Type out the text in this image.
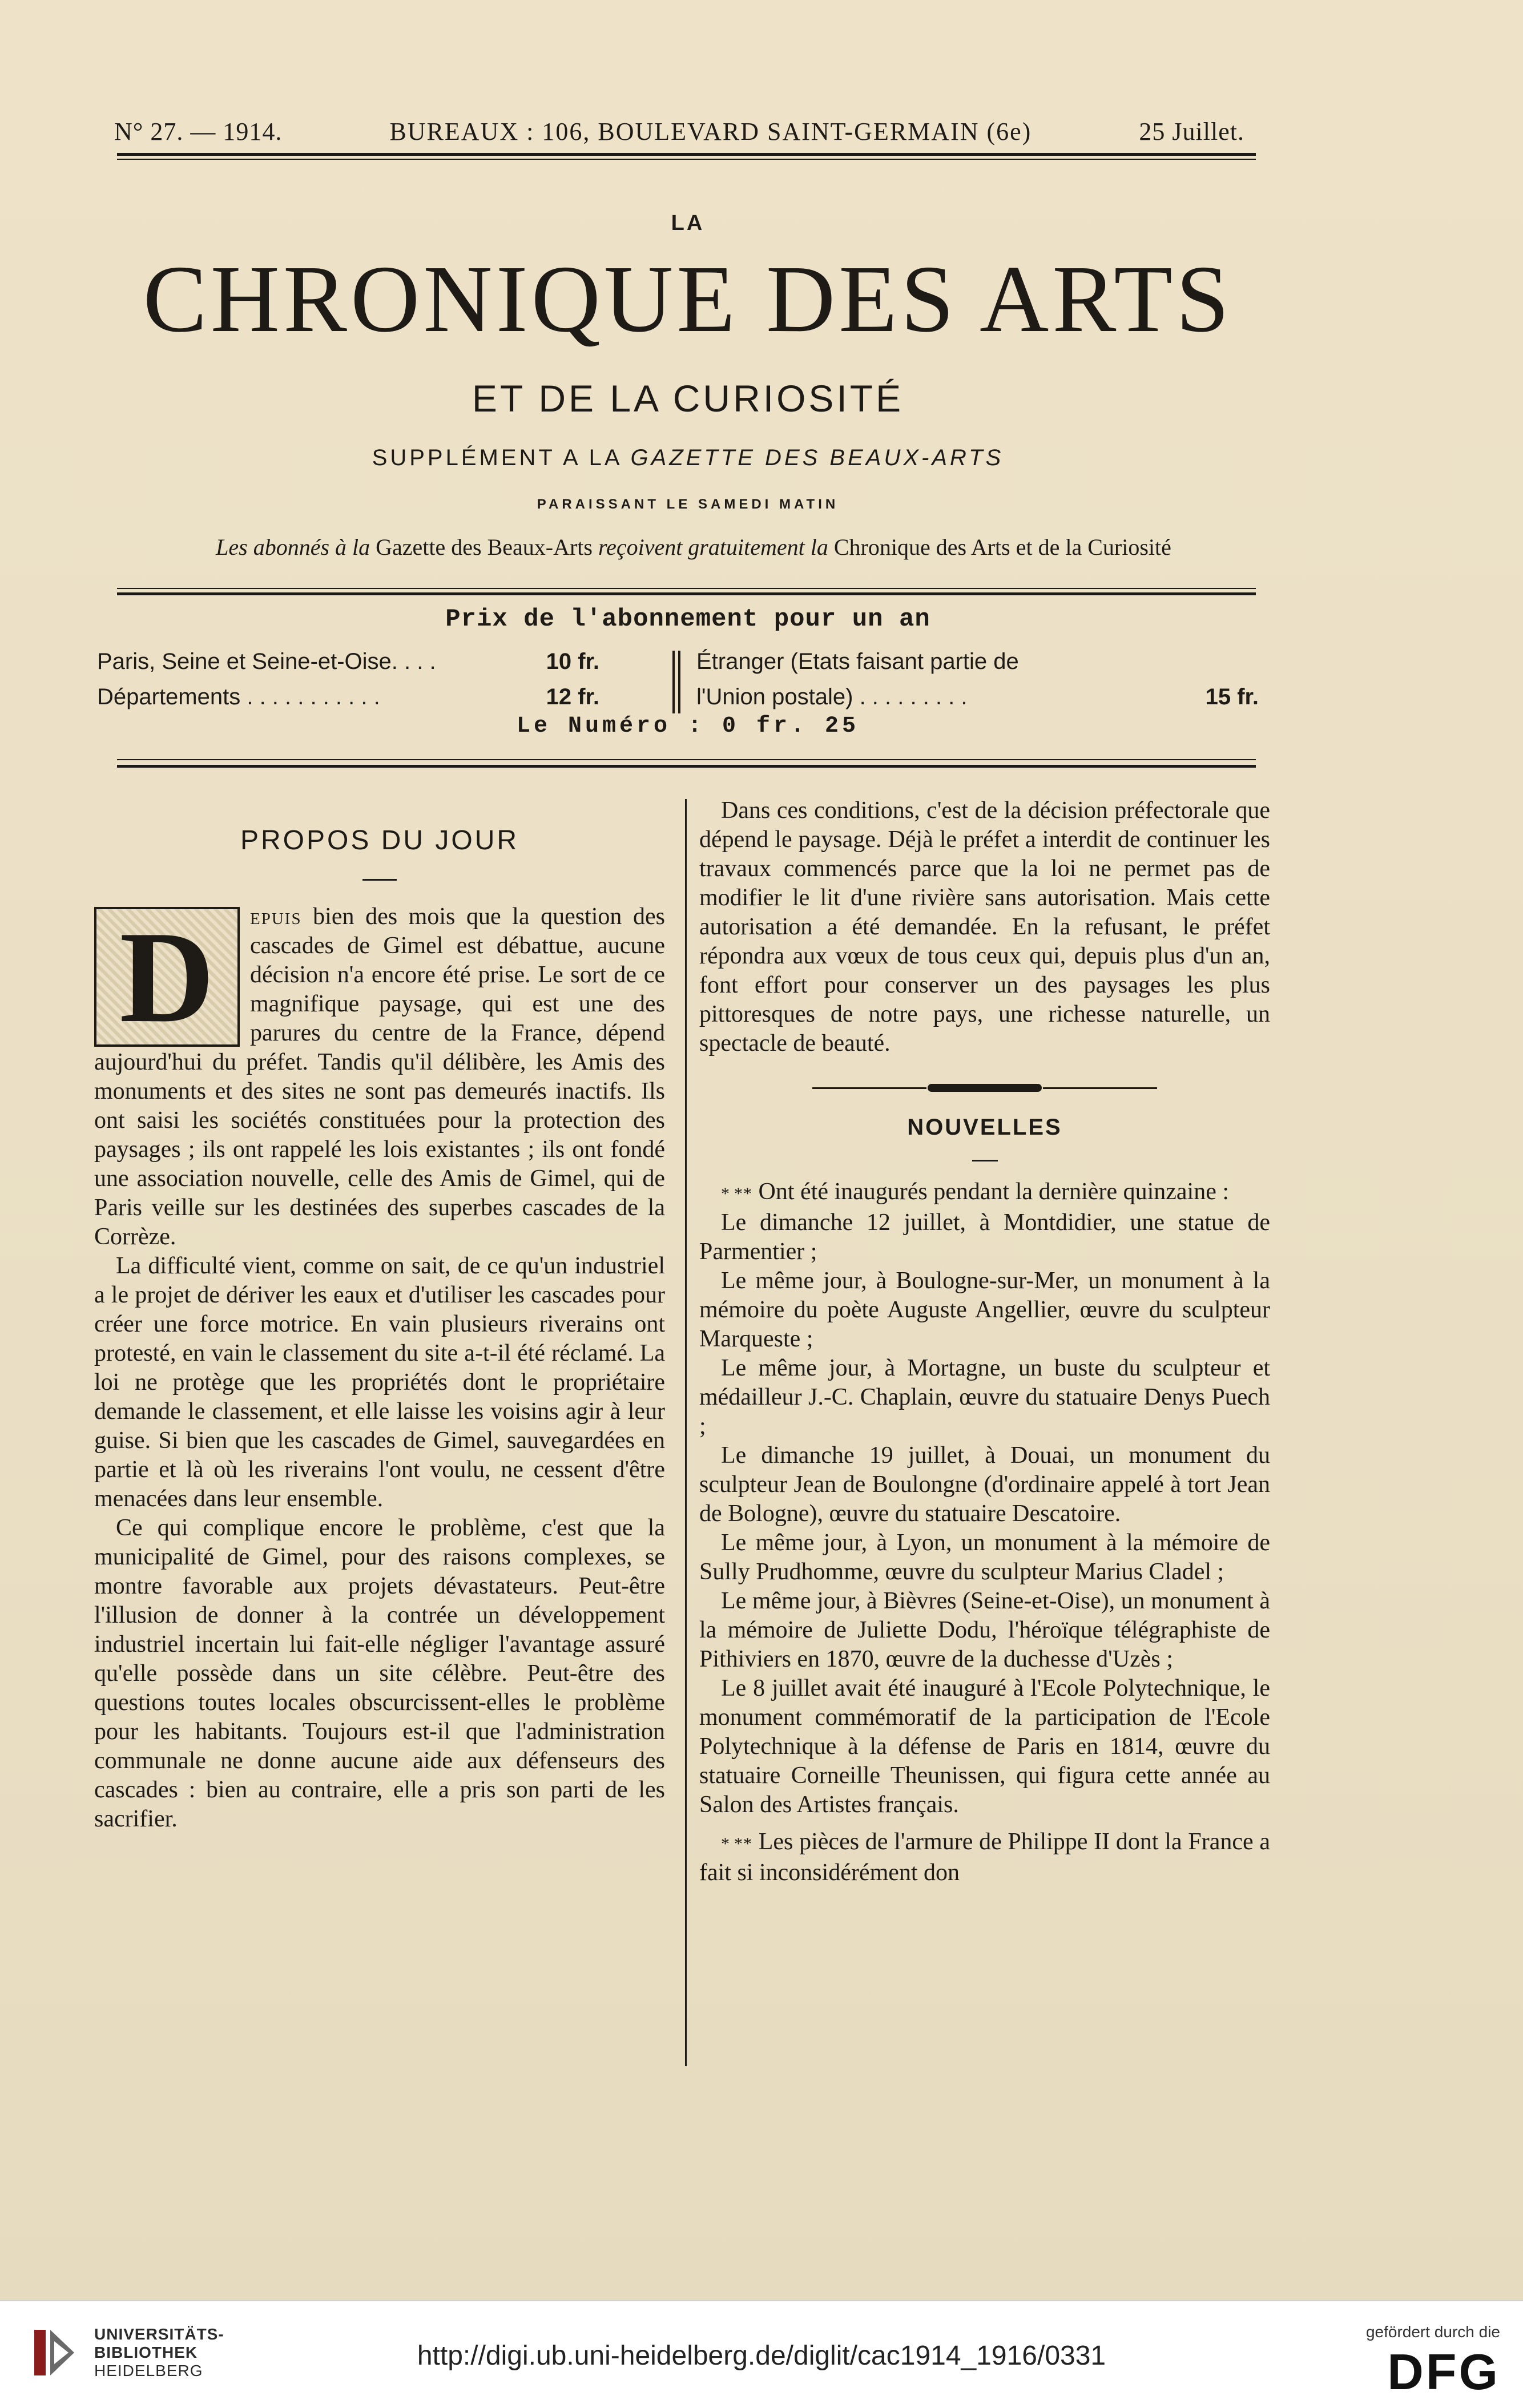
N° 27. — 1914.	BUREAUX : 106, BOULEVARD SAINT-GERMAIN (6e)	25 Juillet.
LA
CHRONIQUE DES ARTS
ET DE LA CURIOSITÉ
SUPPLÉMENT A LA GAZETTE DES BEAUX-ARTS
PARAISSANT LE SAMEDI MATIN
Les abonnés à la Gazette des Beaux-Arts reçoivent gratuitement la Chronique des Arts et de la Curiosité
Prix de l'abonnement pour un an
Paris, Seine et Seine-et-Oise. . . .	10 fr.
Départements . . . . . . . . . . .	12 fr.
Étranger (Etats faisant partie de
l'Union postale) . . . . . . . . .	15 fr.
Le Numéro : 0 fr. 25
PROPOS DU JOUR
D	epuis bien des mois que la question des cascades de Gimel est débattue, aucune décision n'a encore été prise. Le sort de ce magnifique paysage, qui est une des parures du centre de la France, dépend aujourd'hui du préfet. Tandis qu'il délibère, les Amis des monuments et des sites ne sont pas demeurés inactifs. Ils ont saisi les sociétés constituées pour la protection des paysages ; ils ont rappelé les lois existantes ; ils ont fondé une association nouvelle, celle des Amis de Gimel, qui de Paris veille sur les destinées des superbes cascades de la Corrèze.

La difficulté vient, comme on sait, de ce qu'un industriel a le projet de dériver les eaux et d'utiliser les cascades pour créer une force motrice. En vain plusieurs riverains ont protesté, en vain le classement du site a-t-il été réclamé. La loi ne protège que les propriétés dont le propriétaire demande le classement, et elle laisse les voisins agir à leur guise. Si bien que les cascades de Gimel, sauvegardées en partie et là où les riverains l'ont voulu, ne cessent d'être menacées dans leur ensemble.

Ce qui complique encore le problème, c'est que la municipalité de Gimel, pour des raisons complexes, se montre favorable aux projets dévastateurs. Peut-être l'illusion de donner à la contrée un développement industriel incertain lui fait-elle négliger l'avantage assuré qu'elle possède dans un site célèbre. Peut-être des questions toutes locales obscurcissent-elles le problème pour les habitants. Toujours est-il que l'administration communale ne donne aucune aide aux défenseurs des cascades : bien au contraire, elle a pris son parti de les sacrifier.

Dans ces conditions, c'est de la décision préfectorale que dépend le paysage. Déjà le préfet a interdit de continuer les travaux commencés parce que la loi ne permet pas de modifier le lit d'une rivière sans autorisation. Mais cette autorisation a été demandée. En la refusant, le préfet répondra aux vœux de tous ceux qui, depuis plus d'un an, font effort pour conserver un des paysages les plus pittoresques de notre pays, une richesse naturelle, un spectacle de beauté.

NOUVELLES

* ** Ont été inaugurés pendant la dernière quinzaine :

Le dimanche 12 juillet, à Montdidier, une statue de Parmentier ;

Le même jour, à Boulogne-sur-Mer, un monument à la mémoire du poète Auguste Angellier, œuvre du sculpteur Marqueste ;

Le même jour, à Mortagne, un buste du sculpteur et médailleur J.-C. Chaplain, œuvre du statuaire Denys Puech ;

Le dimanche 19 juillet, à Douai, un monument du sculpteur Jean de Boulongne (d'ordinaire appelé à tort Jean de Bologne), œuvre du statuaire Descatoire.

Le même jour, à Lyon, un monument à la mémoire de Sully Prudhomme, œuvre du sculpteur Marius Cladel ;

Le même jour, à Bièvres (Seine-et-Oise), un monument à la mémoire de Juliette Dodu, l'héroïque télégraphiste de Pithiviers en 1870, œuvre de la duchesse d'Uzès ;

Le 8 juillet avait été inauguré à l'Ecole Polytechnique, le monument commémoratif de la participation de l'Ecole Polytechnique à la défense de Paris en 1814, œuvre du statuaire Corneille Theunissen, qui figura cette année au Salon des Artistes français.

* ** Les pièces de l'armure de Philippe II dont la France a fait si inconsidérément don

UNIVERSITÄTS-
BIBLIOTHEK
HEIDELBERG	http://digi.ub.uni-heidelberg.de/diglit/cac1914_1916/0331
gefördert durch die
DFG
